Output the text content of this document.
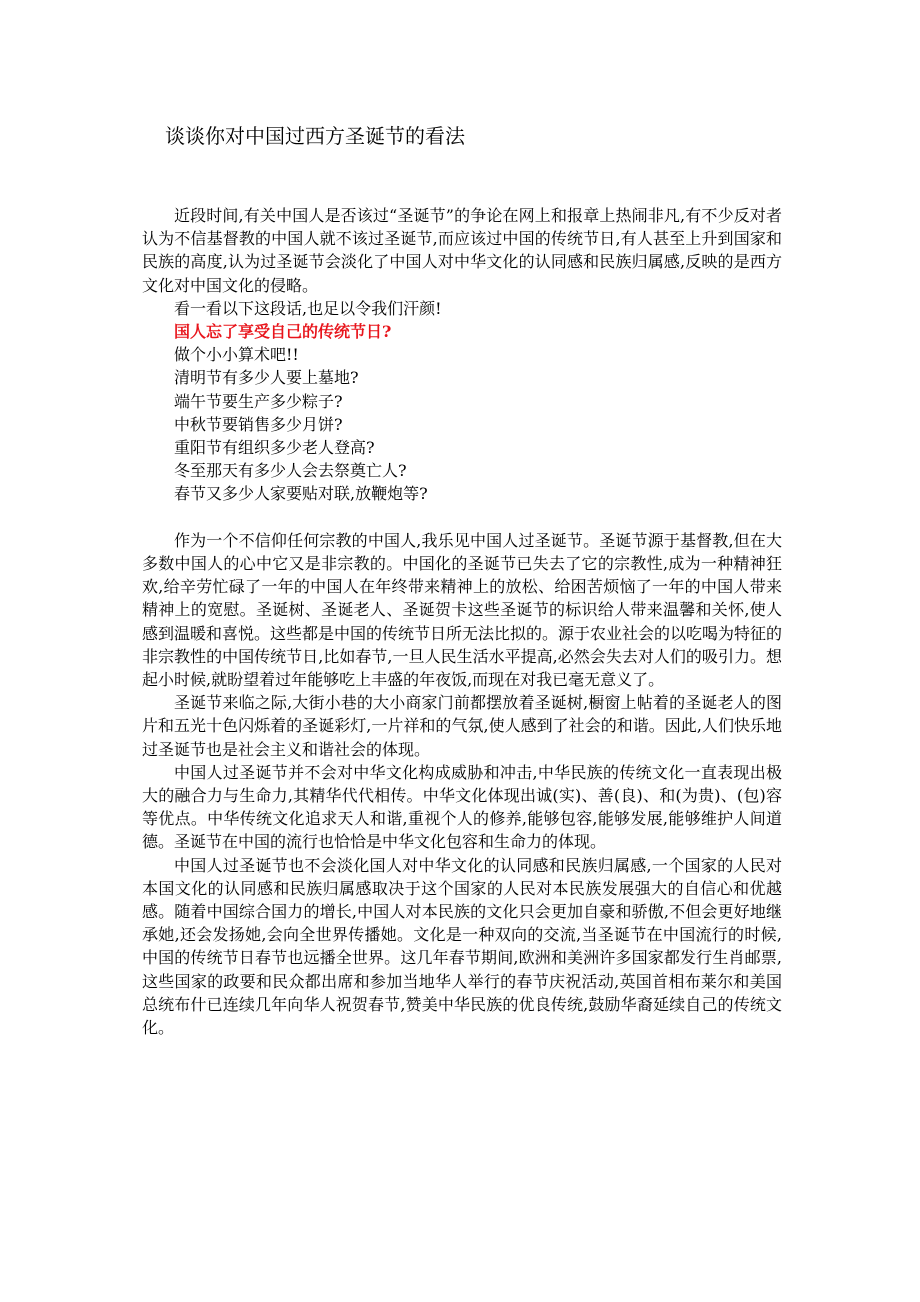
谈谈你对中国过西方圣诞节的看法

近段时间,有关中国人是否该过“圣诞节”的争论在网上和报章上热闹非凡,有不少反对者认为不信基督教的中国人就不该过圣诞节,而应该过中国的传统节日,有人甚至上升到国家和民族的高度,认为过圣诞节会淡化了中国人对中华文化的认同感和民族归属感,反映的是西方文化对中国文化的侵略。

看一看以下这段话,也足以令我们汗颜!

国人忘了享受自己的传统节日?

做个小小算术吧!!

清明节有多少人要上墓地?

端午节要生产多少粽子?

中秋节要销售多少月饼?

重阳节有组织多少老人登高?

冬至那天有多少人会去祭奠亡人?

春节又多少人家要贴对联,放鞭炮等?

作为一个不信仰任何宗教的中国人,我乐见中国人过圣诞节。圣诞节源于基督教,但在大多数中国人的心中它又是非宗教的。中国化的圣诞节已失去了它的宗教性,成为一种精神狂欢,给辛劳忙碌了一年的中国人在年终带来精神上的放松、给困苦烦恼了一年的中国人带来精神上的宽慰。圣诞树、圣诞老人、圣诞贺卡这些圣诞节的标识给人带来温馨和关怀,使人感到温暖和喜悦。这些都是中国的传统节日所无法比拟的。源于农业社会的以吃喝为特征的非宗教性的中国传统节日,比如春节,一旦人民生活水平提高,必然会失去对人们的吸引力。想起小时候,就盼望着过年能够吃上丰盛的年夜饭,而现在对我已毫无意义了。

圣诞节来临之际,大街小巷的大小商家门前都摆放着圣诞树,橱窗上帖着的圣诞老人的图片和五光十色闪烁着的圣诞彩灯,一片祥和的气氛,使人感到了社会的和谐。因此,人们快乐地过圣诞节也是社会主义和谐社会的体现。

中国人过圣诞节并不会对中华文化构成威胁和冲击,中华民族的传统文化一直表现出极大的融合力与生命力,其精华代代相传。中华文化体现出诚(实)、善(良)、和(为贵)、(包)容等优点。中华传统文化追求天人和谐,重视个人的修养,能够包容,能够发展,能够维护人间道德。圣诞节在中国的流行也恰恰是中华文化包容和生命力的体现。

中国人过圣诞节也不会淡化国人对中华文化的认同感和民族归属感,一个国家的人民对本国文化的认同感和民族归属感取决于这个国家的人民对本民族发展强大的自信心和优越感。随着中国综合国力的增长,中国人对本民族的文化只会更加自豪和骄傲,不但会更好地继承她,还会发扬她,会向全世界传播她。文化是一种双向的交流,当圣诞节在中国流行的时候,中国的传统节日春节也远播全世界。这几年春节期间,欧洲和美洲许多国家都发行生肖邮票,这些国家的政要和民众都出席和参加当地华人举行的春节庆祝活动,英国首相布莱尔和美国总统布什已连续几年向华人祝贺春节,赞美中华民族的优良传统,鼓励华裔延续自己的传统文化。
